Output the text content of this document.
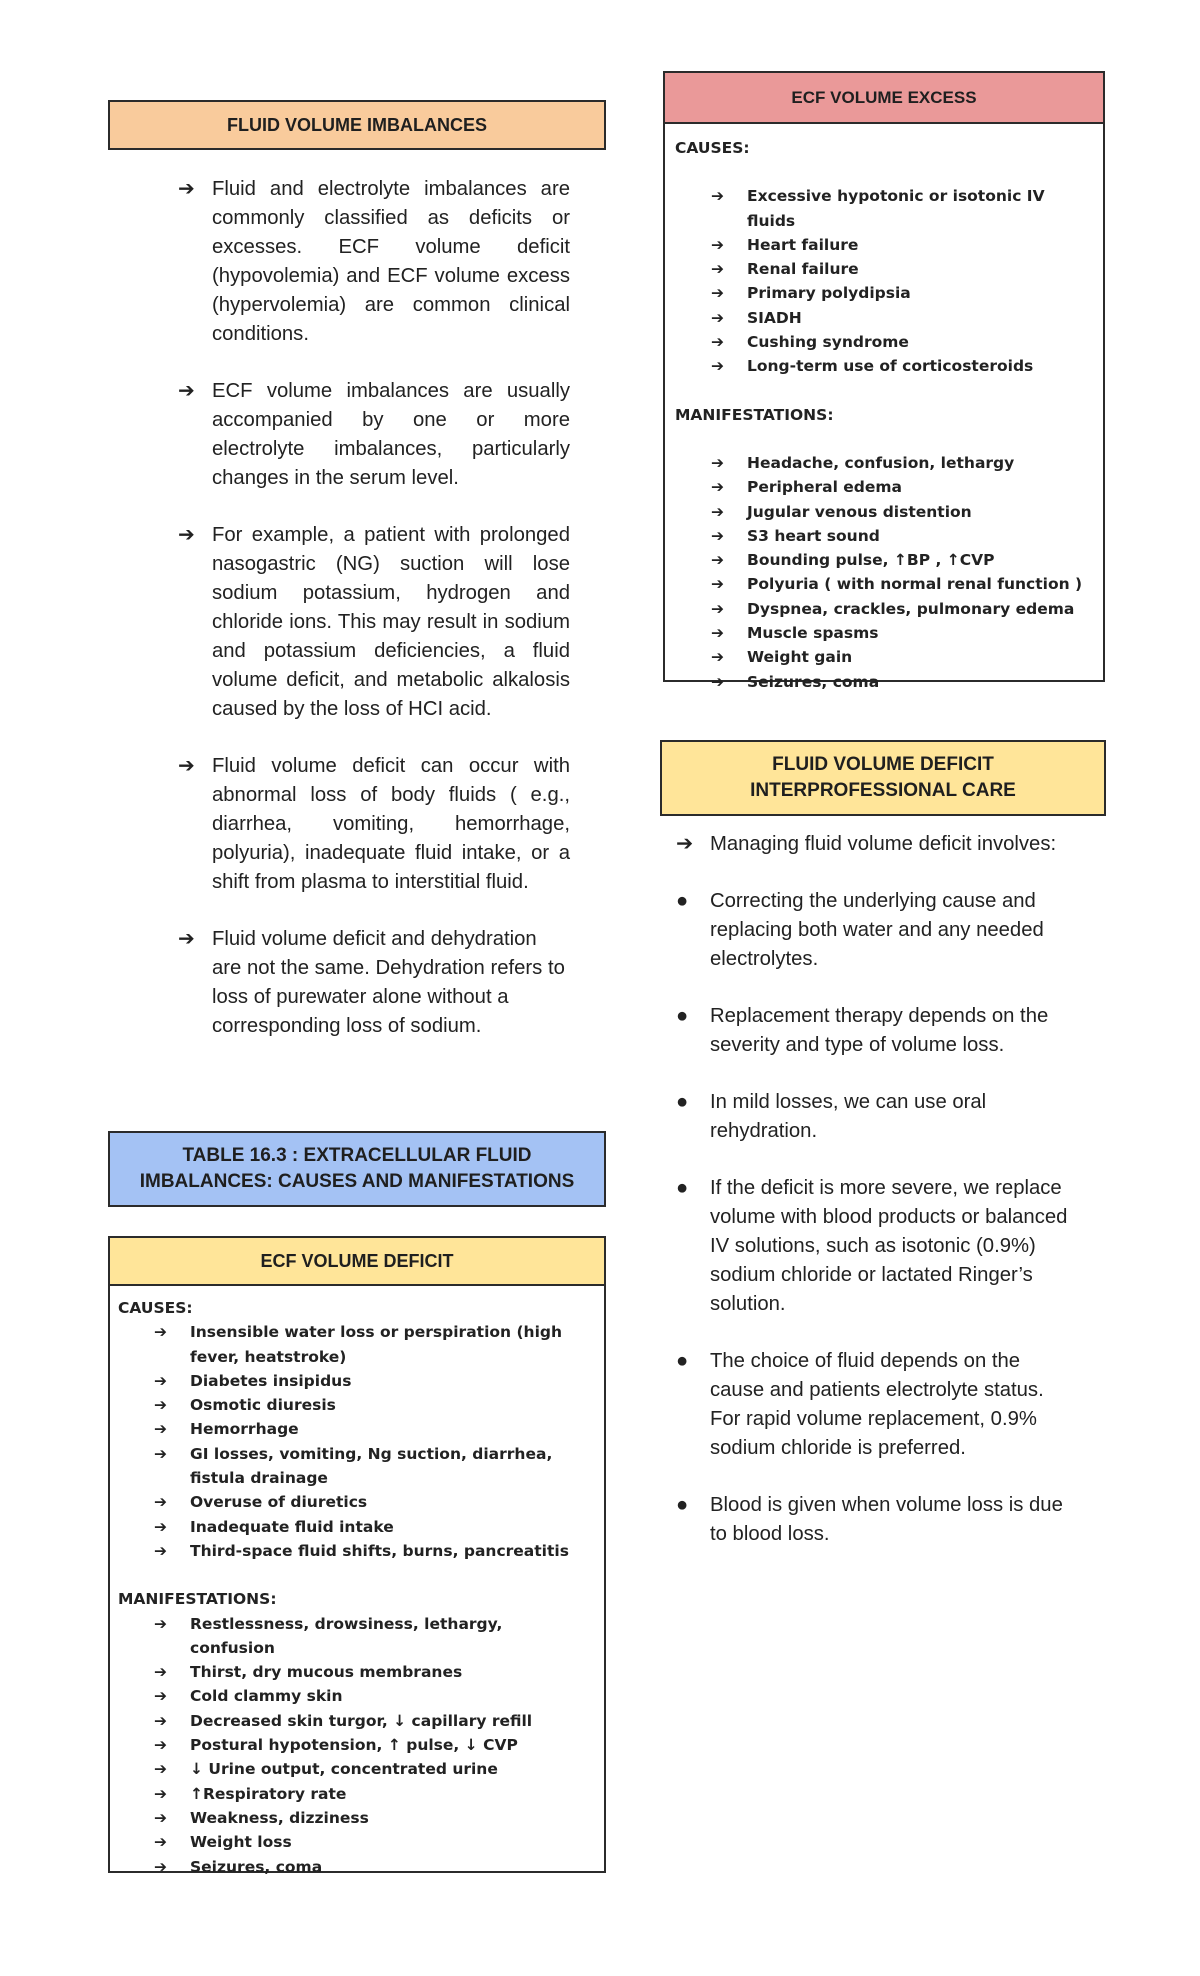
FLUID VOLUME IMBALANCES
➔ Fluid and electrolyte imbalances are commonly classified as deficits or excesses. ECF volume deficit (hypovolemia) and ECF volume excess (hypervolemia) are common clinical conditions.
➔ ECF volume imbalances are usually accompanied by one or more electrolyte imbalances, particularly changes in the serum level.
➔ For example, a patient with prolonged nasogastric (NG) suction will lose sodium potassium, hydrogen and chloride ions. This may result in sodium and potassium deficiencies, a fluid volume deficit, and metabolic alkalosis caused by the loss of HCI acid.
➔ Fluid volume deficit can occur with abnormal loss of body fluids ( e.g., diarrhea, vomiting, hemorrhage, polyuria), inadequate fluid intake, or a shift from plasma to interstitial fluid.
➔ Fluid volume deficit and dehydration are not the same. Dehydration refers to loss of purewater alone without a corresponding loss of sodium.
TABLE 16.3 : EXTRACELLULAR FLUID
IMBALANCES: CAUSES AND MANIFESTATIONS
ECF VOLUME DEFICIT
CAUSES:
➔ Insensible water loss or perspiration (high fever, heatstroke)
➔ Diabetes insipidus
➔ Osmotic diuresis
➔ Hemorrhage
➔ GI losses, vomiting, Ng suction, diarrhea, fistula drainage
➔ Overuse of diuretics
➔ Inadequate fluid intake
➔ Third-space fluid shifts, burns, pancreatitis
MANIFESTATIONS:
➔ Restlessness, drowsiness, lethargy, confusion
➔ Thirst, dry mucous membranes
➔ Cold clammy skin
➔ Decreased skin turgor, ↓ capillary refill
➔ Postural hypotension, ↑ pulse, ↓ CVP
➔ ↓ Urine output, concentrated urine
➔ ↑Respiratory rate
➔ Weakness, dizziness
➔ Weight loss
➔ Seizures, coma
ECF VOLUME EXCESS
CAUSES:
➔ Excessive hypotonic or isotonic IV fluids
➔ Heart failure
➔ Renal failure
➔ Primary polydipsia
➔ SIADH
➔ Cushing syndrome
➔ Long-term use of corticosteroids
MANIFESTATIONS:
➔ Headache, confusion, lethargy
➔ Peripheral edema
➔ Jugular venous distention
➔ S3 heart sound
➔ Bounding pulse, ↑BP , ↑CVP
➔ Polyuria ( with normal renal function )
➔ Dyspnea, crackles, pulmonary edema
➔ Muscle spasms
➔ Weight gain
➔ Seizures, coma
FLUID VOLUME DEFICIT
INTERPROFESSIONAL CARE
➔ Managing fluid volume deficit involves:
● Correcting the underlying cause and replacing both water and any needed electrolytes.
● Replacement therapy depends on the severity and type of volume loss.
● In mild losses, we can use oral rehydration.
● If the deficit is more severe, we replace volume with blood products or balanced IV solutions, such as isotonic (0.9%) sodium chloride or lactated Ringer’s solution.
● The choice of fluid depends on the cause and patients electrolyte status. For rapid volume replacement, 0.9% sodium chloride is preferred.
● Blood is given when volume loss is due to blood loss.
